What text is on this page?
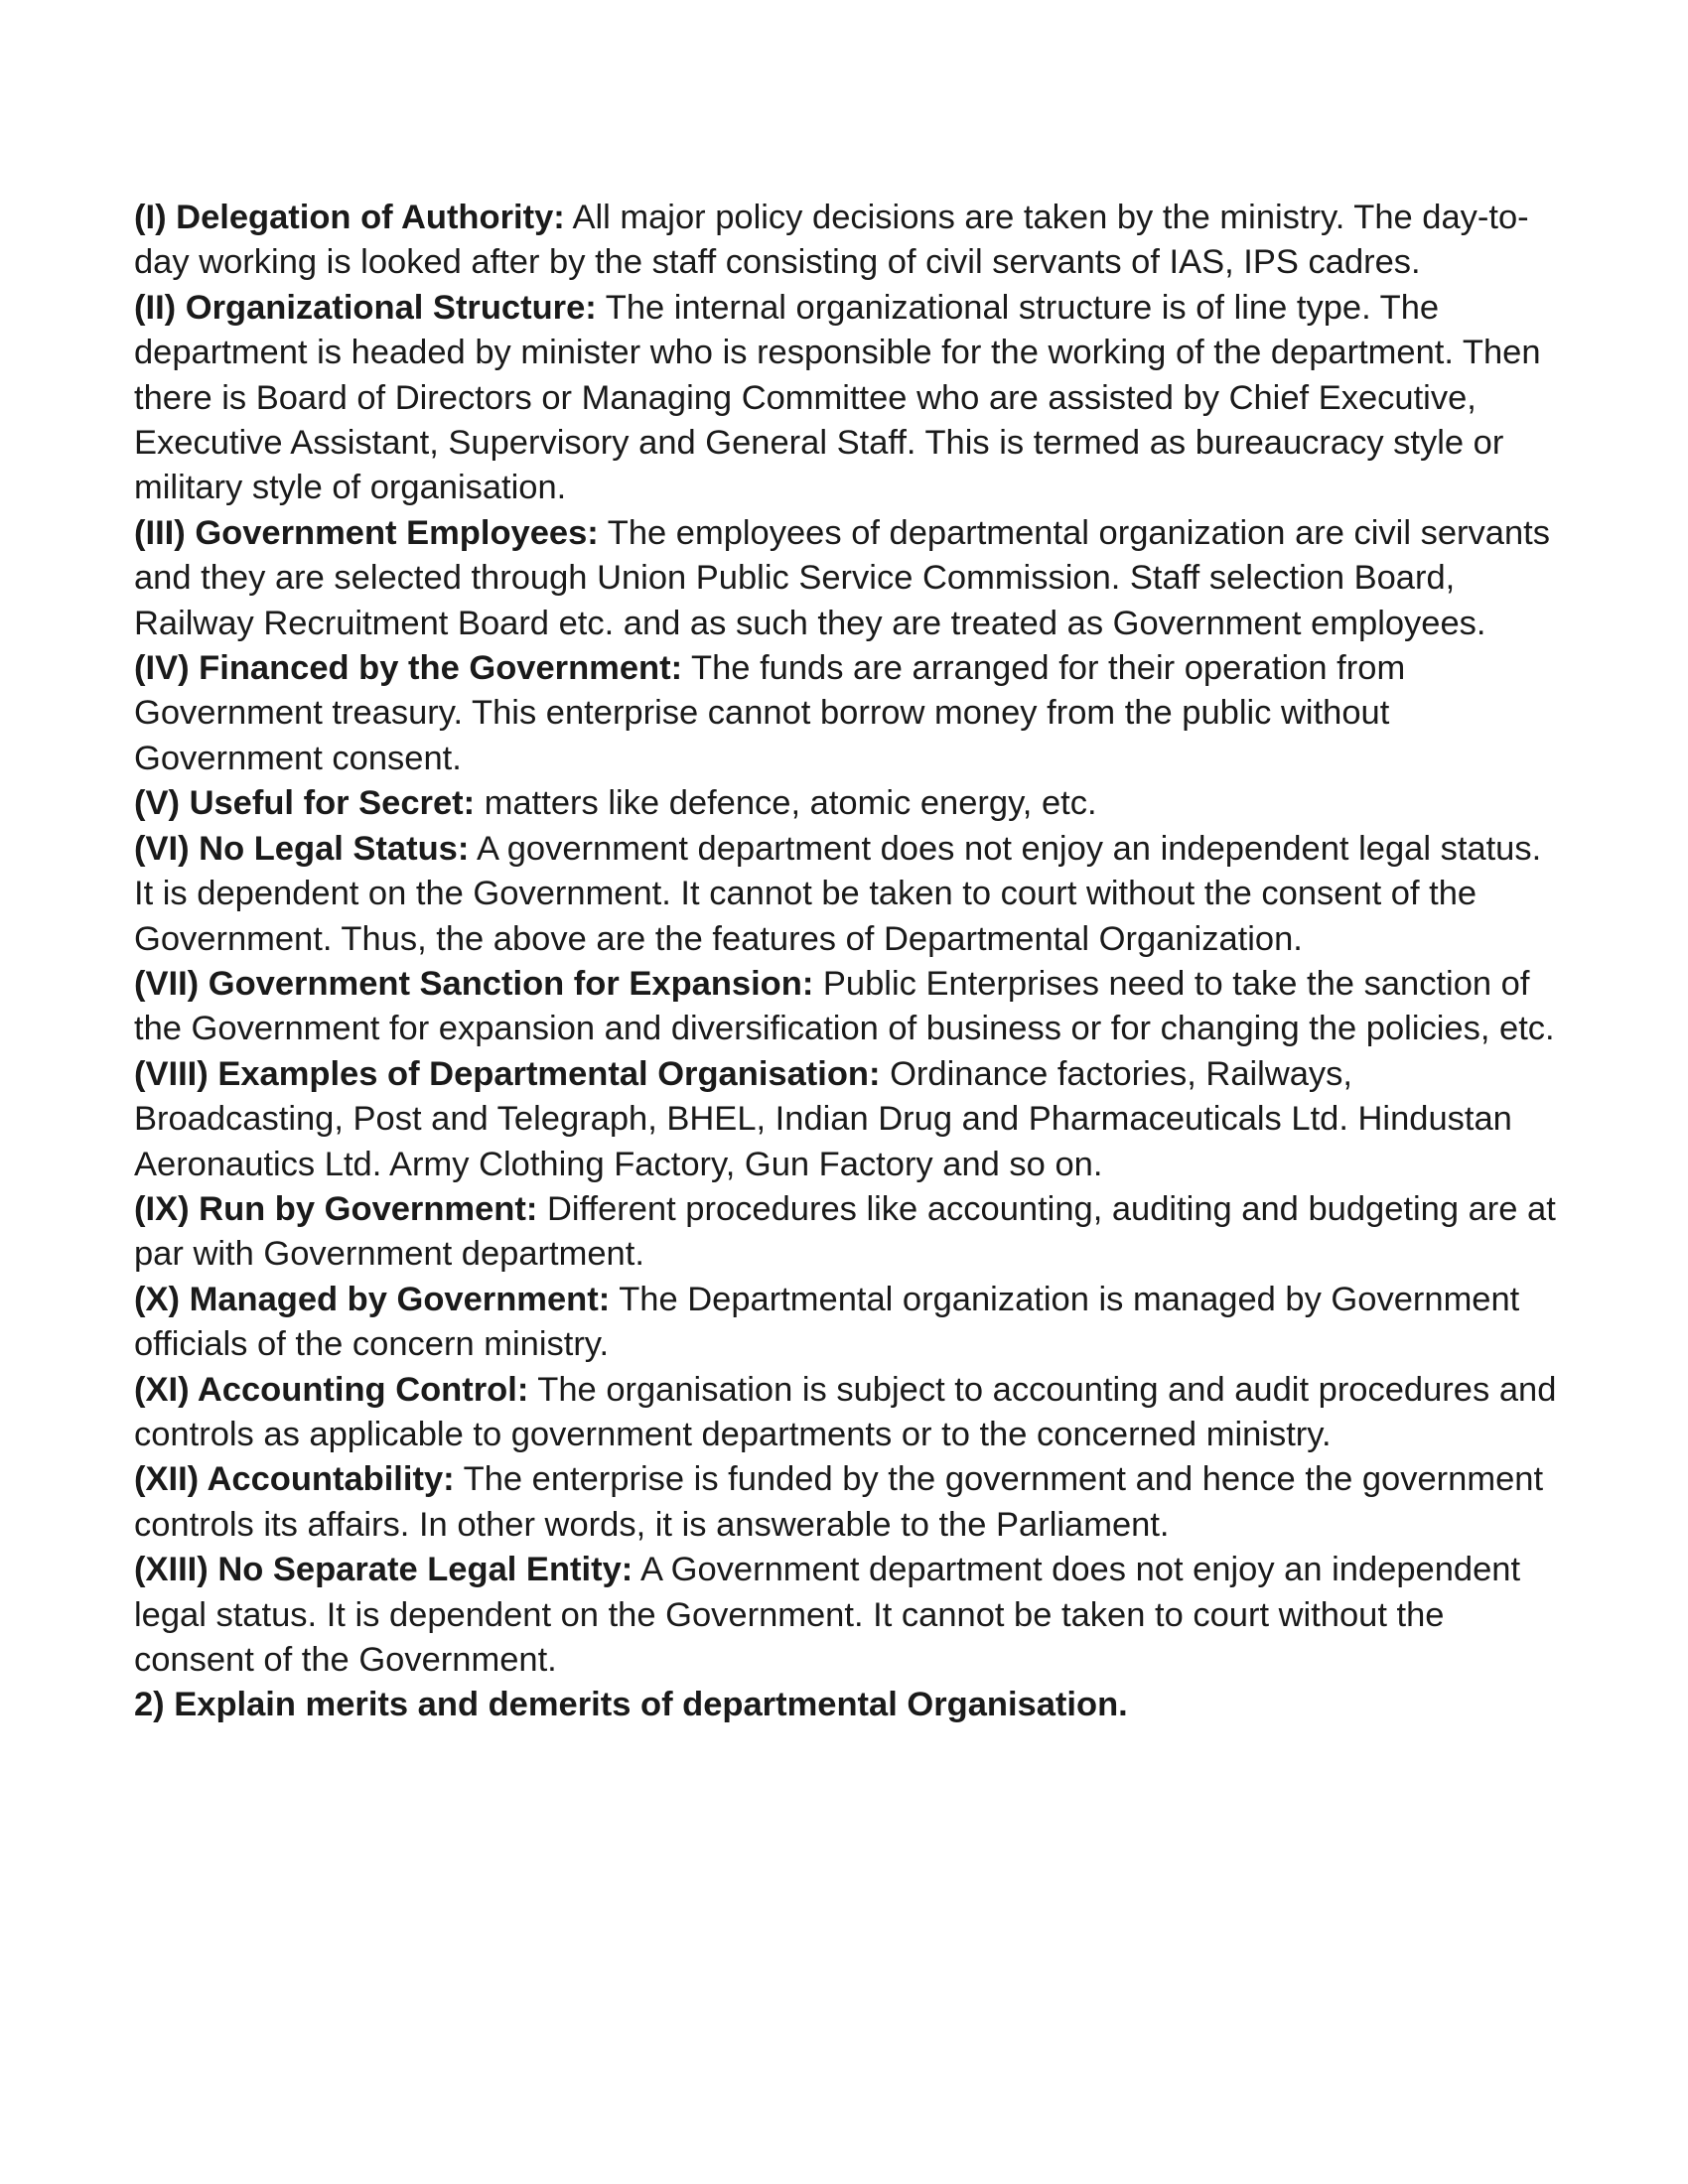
(I) Delegation of Authority: All major policy decisions are taken by the ministry. The day-to-day working is looked after by the staff consisting of civil servants of IAS, IPS cadres.

(II) Organizational Structure: The internal organizational structure is of line type. The department is headed by minister who is responsible for the working of the department. Then there is Board of Directors or Managing Committee who are assisted by Chief Executive, Executive Assistant, Supervisory and General Staff. This is termed as bureaucracy style or military style of organisation.

(III) Government Employees: The employees of departmental organization are civil servants and they are selected through Union Public Service Commission. Staff selection Board, Railway Recruitment Board etc. and as such they are treated as Government employees.

(IV) Financed by the Government: The funds are arranged for their operation from Government treasury. This enterprise cannot borrow money from the public without Government consent.

(V) Useful for Secret: matters like defence, atomic energy, etc.

(VI) No Legal Status: A government department does not enjoy an independent legal status. It is dependent on the Government. It cannot be taken to court without the consent of the Government. Thus, the above are the features of Departmental Organization.

(VII) Government Sanction for Expansion: Public Enterprises need to take the sanction of the Government for expansion and diversification of business or for changing the policies, etc.

(VIII) Examples of Departmental Organisation: Ordinance factories, Railways, Broadcasting, Post and Telegraph, BHEL, Indian Drug and Pharmaceuticals Ltd. Hindustan Aeronautics Ltd. Army Clothing Factory, Gun Factory and so on.

(IX) Run by Government: Different procedures like accounting, auditing and budgeting are at par with Government department.

(X) Managed by Government: The Departmental organization is managed by Government officials of the concern ministry.

(XI) Accounting Control: The organisation is subject to accounting and audit procedures and controls as applicable to government departments or to the concerned ministry.

(XII) Accountability: The enterprise is funded by the government and hence the government controls its affairs. In other words, it is answerable to the Parliament.

(XIII) No Separate Legal Entity: A Government department does not enjoy an independent legal status. It is dependent on the Government. It cannot be taken to court without the consent of the Government.

2) Explain merits and demerits of departmental Organisation.
